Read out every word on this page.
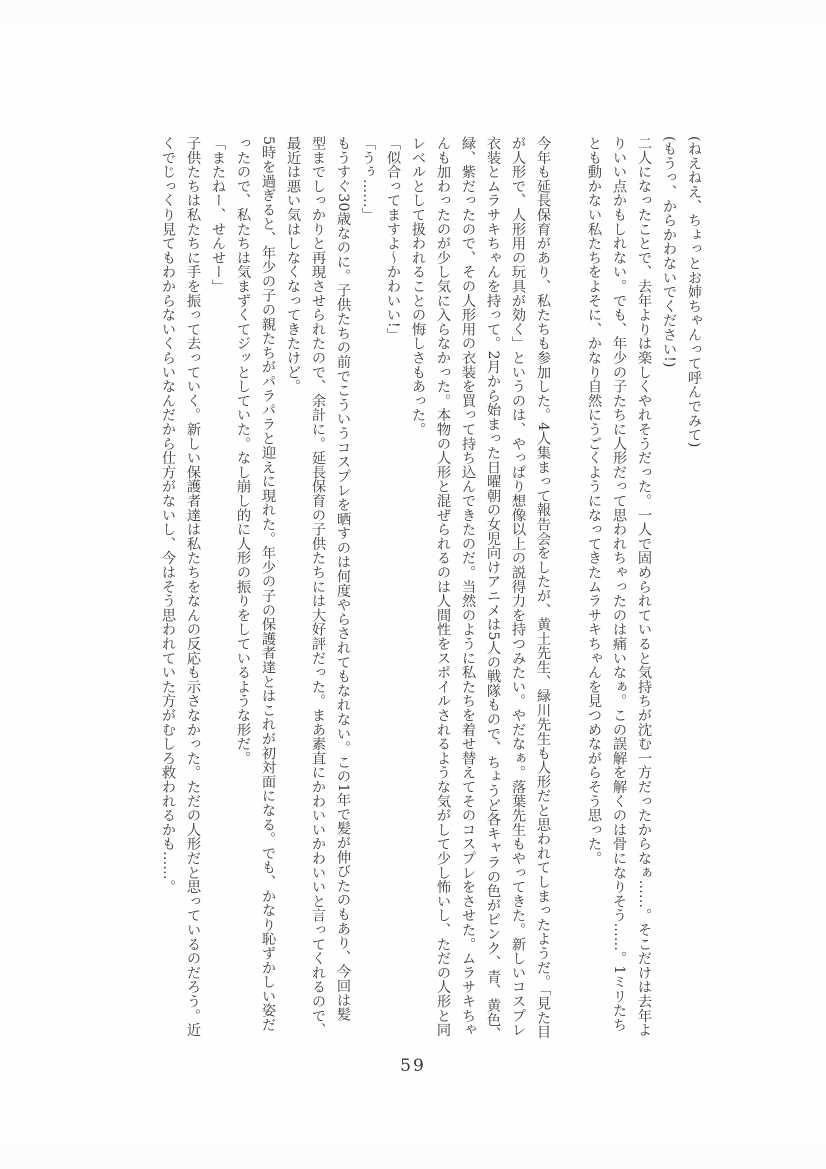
(ねえねえ、ちょっとお姉ちゃんって呼んでみて)

(もうっ、からかわないでください!)

二人になったことで、去年よりは楽しくやれそうだった。一人で固められていると気持ちが沈む一方だったからなぁ……。そこだけは去年よ

りいい点かもしれない。でも、年少の子たちに人形だって思われちゃったのは痛いなぁ。この誤解を解くのは骨になりそう……。1ミリたち

とも動かない私たちをよそに、かなり自然にうごくようになってきたムラサキちゃんを見つめながらそう思った。

今年も延長保育があり、私たちも参加した。4人集まって報告会をしたが、黄土先生、緑川先生も人形だと思われてしまったようだ。「見た目

が人形で、人形用の玩具が効く」というのは、やっぱり想像以上の説得力を持つみたい。やだなぁ。落葉先生もやってきた。新しいコスプレ

衣装とムラサキちゃんを持って。2月から始まった日曜朝の女児向けアニメは5人の戦隊もので、ちょうど各キャラの色がピンク、青、黄色、

緑、紫だったので、その人形用の衣装を買って持ち込んできたのだ。当然のように私たちを着せ替えてそのコスプレをさせた。ムラサキちゃ

んも加わったのが少し気に入らなかった。本物の人形と混ぜられるのは人間性をスポイルされるような気がして少し怖いし、ただの人形と同

レベルとして扱われることの悔しさもあった。

「似合ってますよ〜かわいい!」

「うぅ……」

もうすぐ30歳なのに。子供たちの前でこういうコスプレを晒すのは何度やらされてもなれない。この1年で髪が伸びたのもあり、今回は髪

型までしっかりと再現させられたので、余計に。延長保育の子供たちには大好評だった。まあ素直にかわいいかわいいと言ってくれるので、

最近は悪い気はしなくなってきたけど。

5時を過ぎると、年少の子の親たちがパラパラと迎えに現れた。年少の子の保護者達とはこれが初対面になる。でも、かなり恥ずかしい姿だ

ったので、私たちは気まずくてジッとしていた。なし崩し的に人形の振りをしているような形だ。

「またねー、せんせー」

子供たちは私たちに手を振って去っていく。新しい保護者達は私たちをなんの反応も示さなかった。ただの人形だと思っているのだろう。近

くでじっくり見てもわからないくらいなんだから仕方がないし、今はそう思われていた方がむしろ救われるかも……。

59
